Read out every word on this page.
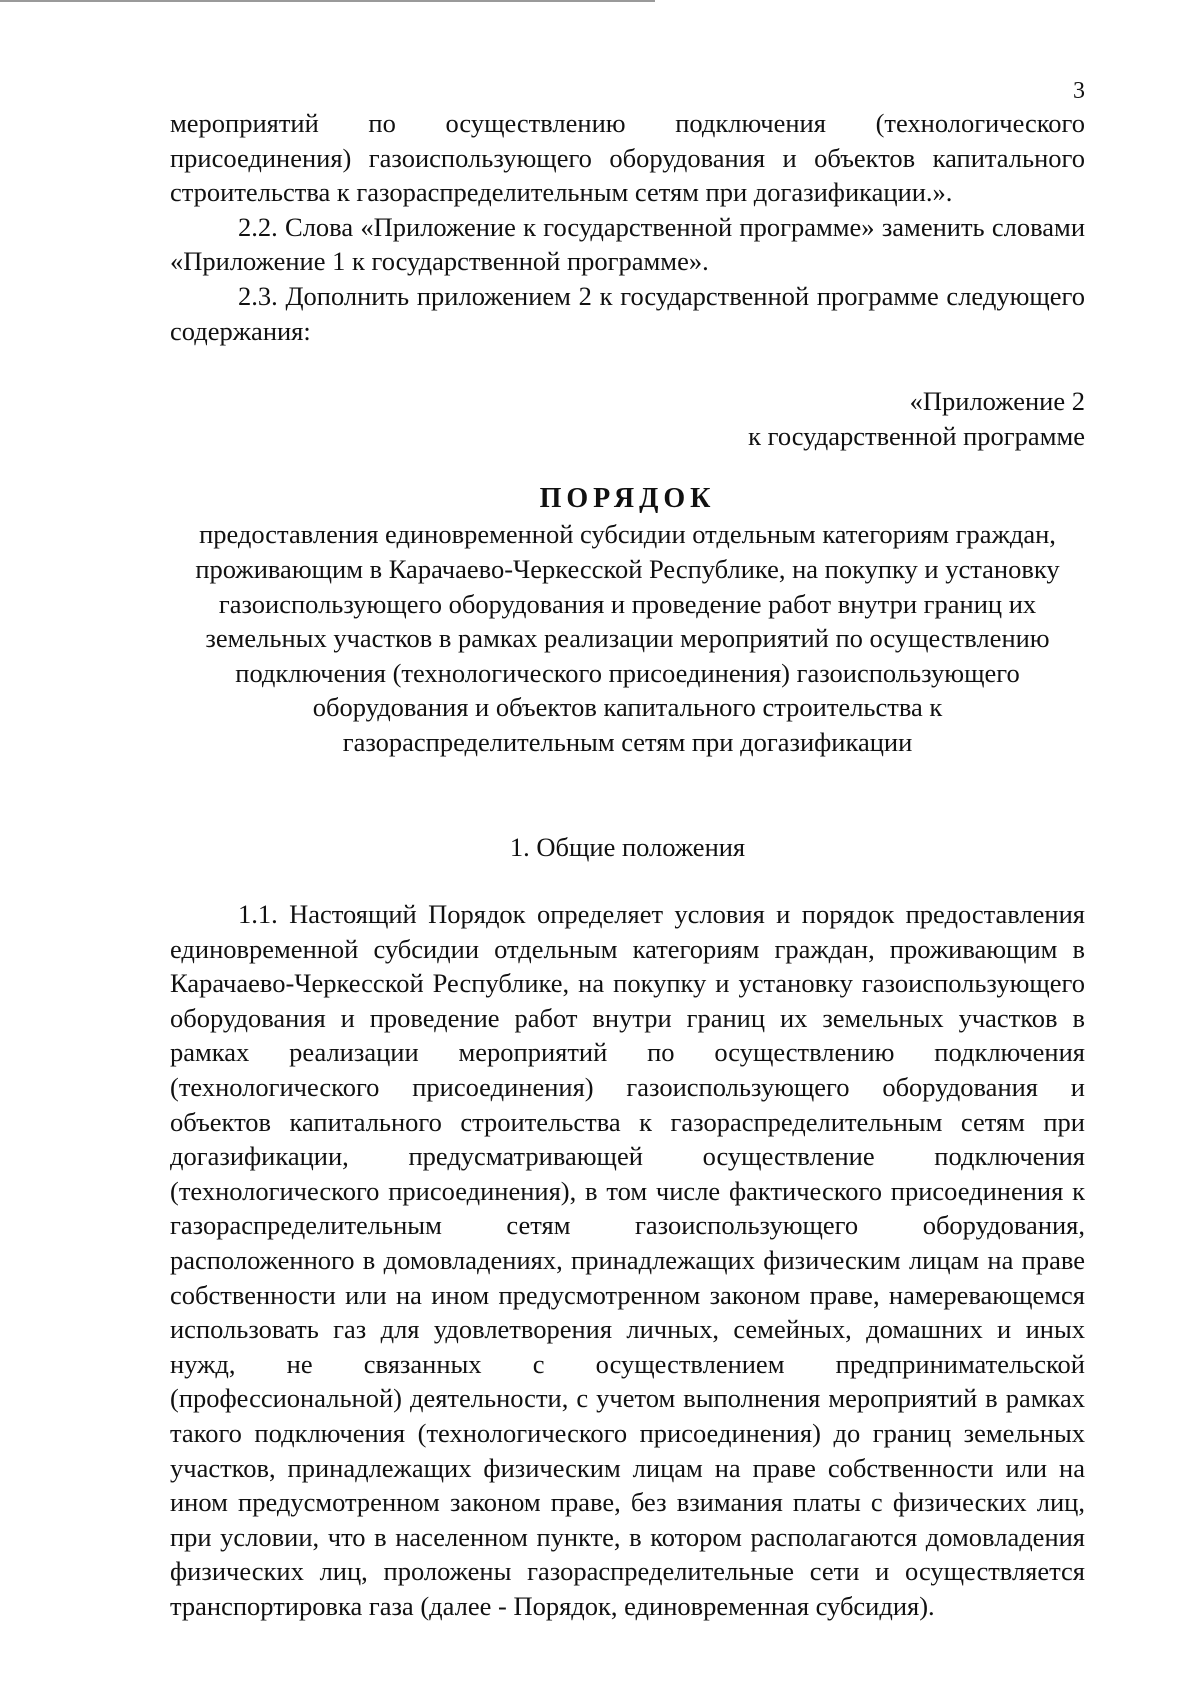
3

мероприятий по осуществлению подключения (технологического присоединения) газоиспользующего оборудования и объектов капитального строительства к газораспределительным сетям при догазификации.».

2.2. Слова «Приложение к государственной программе» заменить словами «Приложение 1 к государственной программе».

2.3. Дополнить приложением 2 к государственной программе следующего содержания:

«Приложение 2
к государственной программе

ПОРЯДОК

предоставления единовременной субсидии отдельным категориям граждан, проживающим в Карачаево-Черкесской Республике, на покупку и установку газоиспользующего оборудования и проведение работ внутри границ их земельных участков в рамках реализации мероприятий по осуществлению подключения (технологического присоединения) газоиспользующего оборудования и объектов капитального строительства к газораспределительным сетям при догазификации

1. Общие положения

1.1. Настоящий Порядок определяет условия и порядок предоставления единовременной субсидии отдельным категориям граждан, проживающим в Карачаево-Черкесской Республике, на покупку и установку газоиспользующего оборудования и проведение работ внутри границ их земельных участков в рамках реализации мероприятий по осуществлению подключения (технологического присоединения) газоиспользующего оборудования и объектов капитального строительства к газораспределительным сетям при догазификации, предусматривающей осуществление подключения (технологического присоединения), в том числе фактического присоединения к газораспределительным сетям газоиспользующего оборудования, расположенного в домовладениях, принадлежащих физическим лицам на праве собственности или на ином предусмотренном законом праве, намеревающемся использовать газ для удовлетворения личных, семейных, домашних и иных нужд, не связанных с осуществлением предпринимательской (профессиональной) деятельности, с учетом выполнения мероприятий в рамках такого подключения (технологического присоединения) до границ земельных участков, принадлежащих физическим лицам на праве собственности или на ином предусмотренном законом праве, без взимания платы с физических лиц, при условии, что в населенном пункте, в котором располагаются домовладения физических лиц, проложены газораспределительные сети и осуществляется транспортировка газа (далее - Порядок, единовременная субсидия).
